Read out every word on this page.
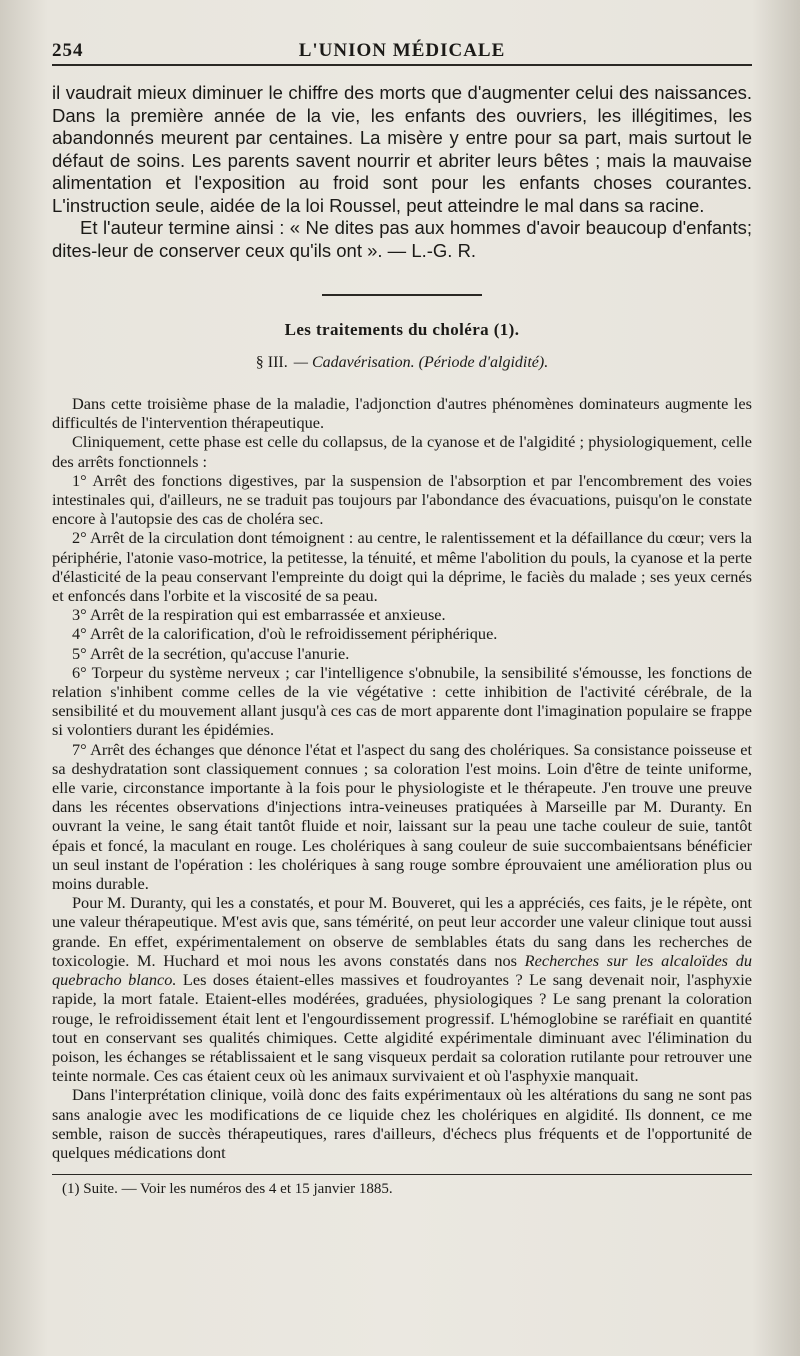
254	L'UNION MÉDICALE

il vaudrait mieux diminuer le chiffre des morts que d'augmenter celui des naissances. Dans la première année de la vie, les enfants des ouvriers, les illégitimes, les abandonnés meurent par centaines. La misère y entre pour sa part, mais surtout le défaut de soins. Les parents savent nourrir et abriter leurs bêtes ; mais la mauvaise alimentation et l'exposition au froid sont pour les enfants choses courantes. L'instruction seule, aidée de la loi Roussel, peut atteindre le mal dans sa racine.

Et l'auteur termine ainsi : « Ne dites pas aux hommes d'avoir beaucoup d'enfants; dites-leur de conserver ceux qu'ils ont ». — L.-G. R.

Les traitements du choléra (1).
§ III. — Cadavérisation. (Période d'algidité).

Dans cette troisième phase de la maladie, l'adjonction d'autres phénomènes dominateurs augmente les difficultés de l'intervention thérapeutique.

Cliniquement, cette phase est celle du collapsus, de la cyanose et de l'algidité ; physiologiquement, celle des arrêts fonctionnels :

1° Arrêt des fonctions digestives, par la suspension de l'absorption et par l'encombrement des voies intestinales qui, d'ailleurs, ne se traduit pas toujours par l'abondance des évacuations, puisqu'on le constate encore à l'autopsie des cas de choléra sec.

2° Arrêt de la circulation dont témoignent : au centre, le ralentissement et la défaillance du cœur; vers la périphérie, l'atonie vaso-motrice, la petitesse, la ténuité, et même l'abolition du pouls, la cyanose et la perte d'élasticité de la peau conservant l'empreinte du doigt qui la déprime, le faciès du malade ; ses yeux cernés et enfoncés dans l'orbite et la viscosité de sa peau.

3° Arrêt de la respiration qui est embarrassée et anxieuse.

4° Arrêt de la calorification, d'où le refroidissement périphérique.

5° Arrêt de la secrétion, qu'accuse l'anurie.

6° Torpeur du système nerveux ; car l'intelligence s'obnubile, la sensibilité s'émousse, les fonctions de relation s'inhibent comme celles de la vie végétative : cette inhibition de l'activité cérébrale, de la sensibilité et du mouvement allant jusqu'à ces cas de mort apparente dont l'imagination populaire se frappe si volontiers durant les épidémies.

7° Arrêt des échanges que dénonce l'état et l'aspect du sang des cholériques. Sa consistance poisseuse et sa deshydratation sont classiquement connues ; sa coloration l'est moins. Loin d'être de teinte uniforme, elle varie, circonstance importante à la fois pour le physiologiste et le thérapeute. J'en trouve une preuve dans les récentes observations d'injections intra-veineuses pratiquées à Marseille par M. Duranty. En ouvrant la veine, le sang était tantôt fluide et noir, laissant sur la peau une tache couleur de suie, tantôt épais et foncé, la maculant en rouge. Les cholériques à sang couleur de suie succombaientsans bénéficier un seul instant de l'opération : les cholériques à sang rouge sombre éprouvaient une amélioration plus ou moins durable.

Pour M. Duranty, qui les a constatés, et pour M. Bouveret, qui les a appréciés, ces faits, je le répète, ont une valeur thérapeutique. M'est avis que, sans témérité, on peut leur accorder une valeur clinique tout aussi grande. En effet, expérimentalement on observe de semblables états du sang dans les recherches de toxicologie. M. Huchard et moi nous les avons constatés dans nos Recherches sur les alcaloïdes du quebracho blanco. Les doses étaient-elles massives et foudroyantes ? Le sang devenait noir, l'asphyxie rapide, la mort fatale. Etaient-elles modérées, graduées, physiologiques ? Le sang prenant la coloration rouge, le refroidissement était lent et l'engourdissement progressif. L'hémoglobine se raréfiait en quantité tout en conservant ses qualités chimiques. Cette algidité expérimentale diminuant avec l'élimination du poison, les échanges se rétablissaient et le sang visqueux perdait sa coloration rutilante pour retrouver une teinte normale. Ces cas étaient ceux où les animaux survivaient et où l'asphyxie manquait.

Dans l'interprétation clinique, voilà donc des faits expérimentaux où les altérations du sang ne sont pas sans analogie avec les modifications de ce liquide chez les cholériques en algidité. Ils donnent, ce me semble, raison de succès thérapeutiques, rares d'ailleurs, d'échecs plus fréquents et de l'opportunité de quelques médications dont

(1) Suite. — Voir les numéros des 4 et 15 janvier 1885.
